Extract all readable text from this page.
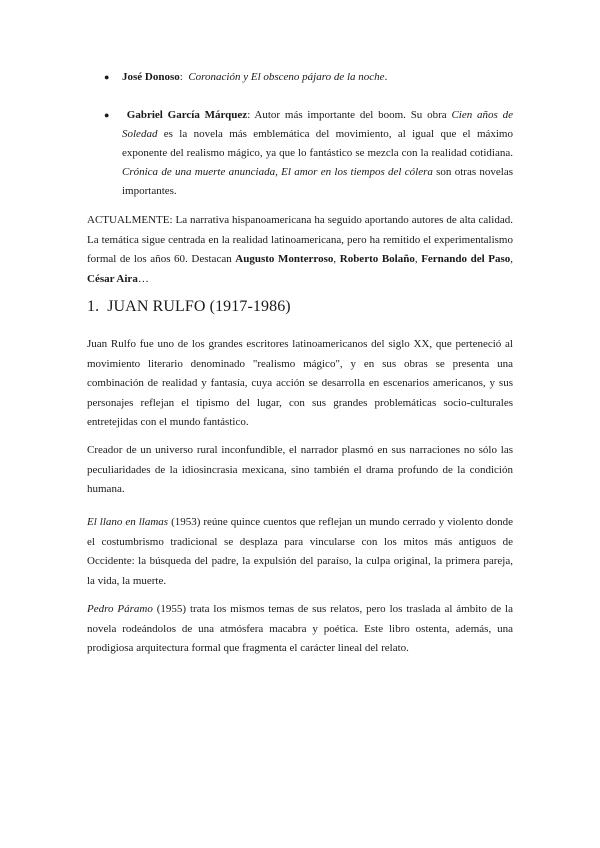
● José Donoso:  Coronación y El obsceno pájaro de la noche.
●	Gabriel García Márquez: Autor más importante del boom. Su obra Cien años de Soledad es la novela más emblemática del movimiento, al igual que el máximo exponente del realismo mágico, ya que lo fantástico se mezcla con la realidad cotidiana. Crónica de una muerte anunciada, El amor en los tiempos del cólera son otras novelas importantes.

ACTUALMENTE: La narrativa hispanoamericana ha seguido aportando autores de alta calidad. La temática sigue centrada en la realidad latinoamericana, pero ha remitido el experimentalismo formal de los años 60. Destacan Augusto Monterroso, Roberto Bolaño, Fernando del Paso, César Aira…

1. JUAN RULFO (1917-1986)

Juan Rulfo fue uno de los grandes escritores latinoamericanos del siglo XX, que perteneció al movimiento literario denominado "realismo mágico", y en sus obras se presenta una combinación de realidad y fantasía, cuya acción se desarrolla en escenarios americanos, y sus personajes reflejan el tipismo del lugar, con sus grandes problemáticas socio-culturales entretejidas con el mundo fantástico.

Creador de un universo rural inconfundible, el narrador plasmó en sus narraciones no sólo las peculiaridades de la idiosincrasia mexicana, sino también el drama profundo de la condición humana.

El llano en llamas (1953) reúne quince cuentos que reflejan un mundo cerrado y violento donde el costumbrismo tradicional se desplaza para vincularse con los mitos más antiguos de Occidente: la búsqueda del padre, la expulsión del paraíso, la culpa original, la primera pareja, la vida, la muerte.

Pedro Páramo (1955) trata los mismos temas de sus relatos, pero los traslada al ámbito de la novela rodeándolos de una atmósfera macabra y poética. Este libro ostenta, además, una prodigiosa arquitectura formal que fragmenta el carácter lineal del relato.
